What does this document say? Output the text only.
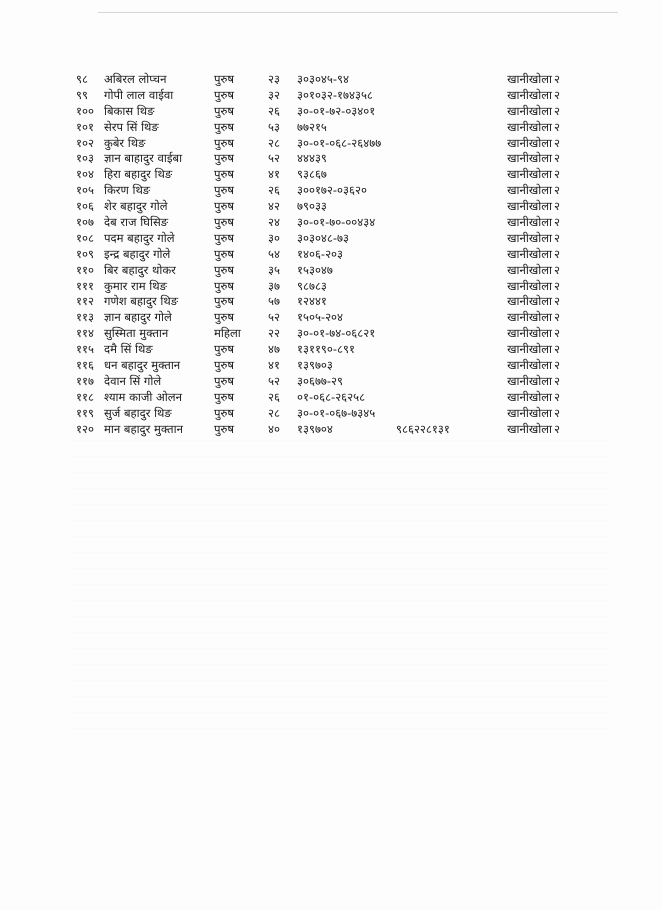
९८	अबिरल लोप्चन	पुरुष	२३	३०३०४५-९४	खानीखोला २
९९	गोपी लाल वाईवा	पुरुष	३२	३०१०३२-१७४३५८	खानीखोला २
१०० बिकास थिङ	पुरुष	२६	३०-०१-७२-०३४०१	खानीखोला २
१०१ सेरप सिं थिङ	पुरुष	५३	७७२१५	खानीखोला २
१०२ कुबेर थिङ	पुरुष	२८	३०-०१-०६८-२६४७७	खानीखोला २
१०३ ज्ञान बाहादुर वाईबा	पुरुष	५२	४४४३९	खानीखोला २
१०४ हिरा बहादुर थिङ	पुरुष	४१	९३८६७	खानीखोला २
१०५ किरण थिङ	पुरुष	२६	३००१७२-०३६२०	खानीखोला २
१०६ शेर बहादुर गोले	पुरुष	४२	७९०३३	खानीखोला २
१०७ देब राज घिसिङ	पुरुष	२४	३०-०१-७०-००४३४	खानीखोला २
१०८ पदम बहादुर गोले	पुरुष	३०	३०३०४८-७३	खानीखोला २
१०९ इन्द्र बहादुर गोले	पुरुष	५४	१४०६-२०३	खानीखोला २
११० बिर बहादुर थोकर	पुरुष	३५	१५३०४७	खानीखोला २
१११ कुमार राम थिङ	पुरुष	३७	९८७८३	खानीखोला २
११२ गणेश बहादुर थिङ	पुरुष	५७	१२४४१	खानीखोला २
११३ ज्ञान बहादुर गोले	पुरुष	५२	१५०५-२०४	खानीखोला २
११४ सुस्मिता मुक्तान	महिला	२२	३०-०१-७४-०६८२१	खानीखोला २
११५ दमै सिं थिङ	पुरुष	४७	१३११९०-८९१	खानीखोला २
११६ धन बहादुर मुक्तान	पुरुष	४१	१३९७०३	खानीखोला २
११७ देवान सिं गोले	पुरुष	५२	३०६७७-२९	खानीखोला २
११८ श्याम काजी ओलन	पुरुष	२६	०१-०६८-२६२५८	खानीखोला २
११९ सुर्ज बहादुर थिङ	पुरुष	२८	३०-०१-०६७-७३४५	खानीखोला २
१२० मान बहादुर मुक्तान	पुरुष	४०	१३९७०४	९८६२२८१३१	खानीखोला २
